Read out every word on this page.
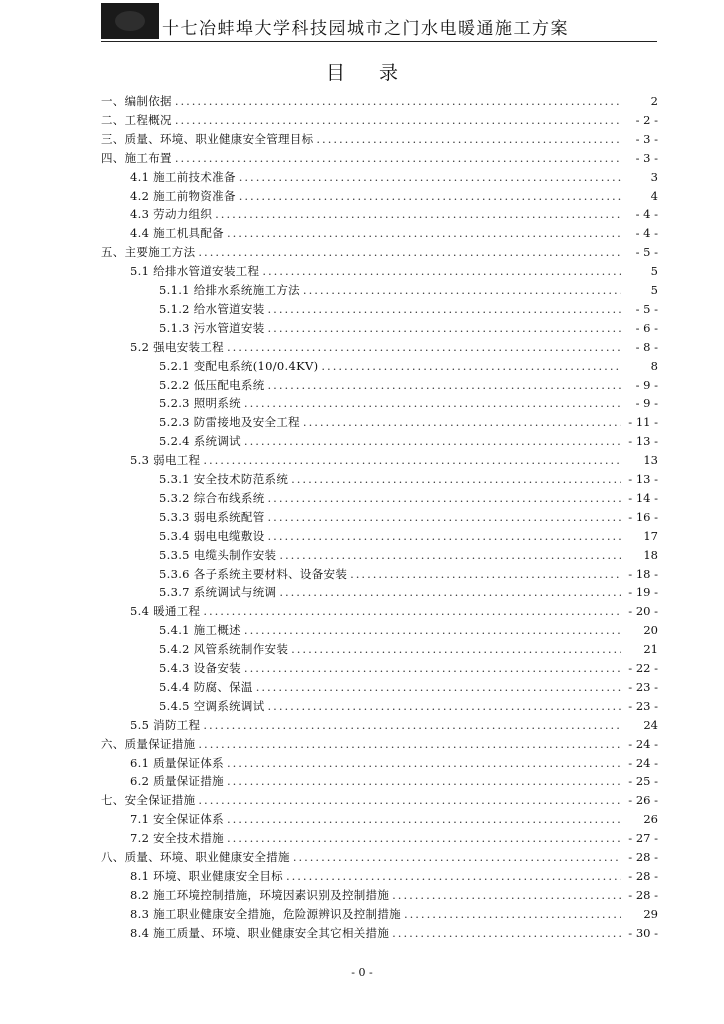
十七冶蚌埠大学科技园城市之门水电暖通施工方案
目 录
一、编制依据 .....	2
二、工程概况 .....	- 2 -
三、质量、环境、职业健康安全管理目标 .....	- 3 -
四、施工布置 .....	- 3 -
4.1 施工前技术准备 .....	3
4.2 施工前物资准备 .....	4
4.3 劳动力组织 .....	- 4 -
4.4 施工机具配备 .....	- 4 -
五、主要施工方法 .....	- 5 -
5.1 给排水管道安装工程 .....	5
5.1.1 给排水系统施工方法 .....	5
5.1.2 给水管道安装 .....	- 5 -
5.1.3 污水管道安装 .....	- 6 -
5.2 强电安装工程 .....	- 8 -
5.2.1 变配电系统(10/0.4KV) .....	8
5.2.2 低压配电系统 .....	- 9 -
5.2.3 照明系统 .....	- 9 -
5.2.3 防雷接地及安全工程 .....	- 11 -
5.2.4 系统调试 .....	- 13 -
5.3 弱电工程 .....	13
5.3.1 安全技术防范系统 .....	- 13 -
5.3.2 综合布线系统 .....	- 14 -
5.3.3 弱电系统配管 .....	- 16 -
5.3.4 弱电电缆敷设 .....	17
5.3.5 电缆头制作安装 .....	18
5.3.6 各子系统主要材料、设备安装 .....	- 18 -
5.3.7 系统调试与统调 .....	- 19 -
5.4 暖通工程 .....	- 20 -
5.4.1 施工概述 .....	20
5.4.2 风管系统制作安装 .....	21
5.4.3 设备安装 .....	- 22 -
5.4.4 防腐、保温 .....	- 23 -
5.4.5 空调系统调试 .....	- 23 -
5.5 消防工程 .....	24
六、质量保证措施 .....	- 24 -
6.1 质量保证体系 .....	- 24 -
6.2 质量保证措施 .....	- 25 -
七、安全保证措施 .....	- 26 -
7.1 安全保证体系 .....	26
7.2 安全技术措施 .....	- 27 -
八、质量、环境、职业健康安全措施 .....	- 28 -
8.1 环境、职业健康安全目标 .....	- 28 -
8.2 施工环境控制措施，环境因素识别及控制措施 .....	- 28 -
8.3 施工职业健康安全措施，危险源辨识及控制措施 .....	29
8.4 施工质量、环境、职业健康安全其它相关措施 .....	- 30 -
- 0 -
